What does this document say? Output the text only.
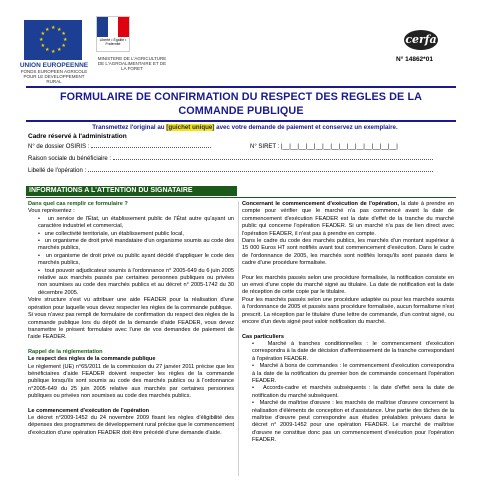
★ ★
★
★
★
★
★
★
★
★
★
★
UNION EUROPEENNE
FONDS EUROPEEN AGRICOLE POUR LE DEVELOPPEMENT RURAL
Liberté • Égalité • Fraternité
MINISTERE DE L'AGRICULTURE DE L'AGROALIMENTAIRE ET DE LA FORET
cerfa
N° 14862*01
FORMULAIRE DE CONFIRMATION DU RESPECT DES REGLES DE LA COMMANDE PUBLIQUE
Transmettez l'original au [guichet unique] avec votre demande de paiement et conservez un exemplaire.
Cadre réservé à l'administration
N° de dossier OSIRIS :	N° SIRET : |__|__|__|__|__|__|__|__|__|__|__|__|__|__|
Raison sociale du bénéficiaire :
Libellé de l'opération :
INFORMATIONS A L'ATTENTION DU SIGNATAIRE
Dans quel cas remplir ce formulaire ?
Vous représentez :
•   un service de l'État, un établissement public de l'État autre qu'ayant un caractère industriel et commercial,
•   une collectivité territoriale, un établissement public local,
•   un organisme de droit privé mandataire d'un organisme soumis au code des marchés publics,
•   un organisme de droit privé ou public ayant décidé d'appliquer le code des marchés publics,
•   tout pouvoir adjudicateur soumis à l'ordonnance n° 2005-649 du 6 juin 2005 relative aux marchés passés par certaines personnes publiques ou privées non soumises au code des marchés publics et au décret n° 2005-1742 du 30 décembre 2005.
Votre structure s'est vu attribuer une aide FEADER pour la réalisation d'une opération pour laquelle vous devez respecter les règles de la commande publique.
Si vous n'avez pas rempli de formulaire de confirmation du respect des règles de la commande publique lors du dépôt de la demande d'aide FEADER, vous devez transmettre le présent formulaire avec l'une de vos demandes de paiement de l'aide FEADER.
Rappel de la réglementation
Le respect des règles de la commande publique
Le règlement (UE) n°65/2011 de la commission du 27 janvier 2011 précise que les bénéficiaires d'aide FEADER doivent respecter les règles de la commande publique lorsqu'ils sont soumis au code des marchés publics ou à l'ordonnance n°2005-649 du 25 juin 2005 relative aux marchés par certaines personnes publiques ou privées non soumises au code des marchés publics.
Le commencement d'exécution de l'opération
Le décret n°2009-1452 du 24 novembre 2009 fixant les règles d'éligibilité des dépenses des programmes de développement rural précise que le commencement d'exécution d'une opération FEADER doit être précédé d'une demande d'aide.
Concernant le commencement d'exécution de l'opération, la date à prendre en compte pour vérifier que le marché n'a pas commencé avant la date de commencement d'exécution FEADER est la date d'effet de la tranche du marché public qui concerne l'opération FEADER. Si un marché n'a pas de lien direct avec l'opération FEADER, il n'est pas à prendre en compte.
Dans le cadre du code des marchés publics, les marchés d'un montant supérieur à 15 000 Euros HT sont notifiés avant tout commencement d'exécution. Dans le cadre de l'ordonnance de 2005, les marchés sont notifiés lorsqu'ils sont passés dans le cadre d'une procédure formalisée.
Pour les marchés passés selon une procédure formalisée, la notification consiste en un envoi d'une copie du marché signé au titulaire. La date de notification est la date de réception de cette copie par le titulaire.
Pour les marchés passés selon une procédure adaptée ou pour les marchés soumis à l'ordonnance de 2005 et passés sans procédure formalisée, aucun formalisme n'est prescrit. La réception par le titulaire d'une lettre de commande, d'un contrat signé, ou encore d'un devis signé peut valoir notification du marché.
Cas particuliers
•   Marché à tranches conditionnelles : le commencement d'exécution correspondra à la date de décision d'affermissement de la tranche correspondant à l'opération FEADER.
•   Marché à bons de commandes : le commencement d'exécution correspondra à la date de la notification du premier bon de commande concernant l'opération FEADER.
•   Accords-cadre et marchés subséquents : la date d'effet sera la date de notification du marché subséquent.
•   Marché de maîtrise d'œuvre : les marchés de maîtrise d'œuvre concernent la réalisation d'éléments de conception et d'assistance. Une partie des tâches de la maîtrise d'œuvre peut correspondre aux études préalables prévues dans le décret n° 2009-1452 pour une opération FEADER. Le marché de maîtrise d'œuvre ne constitue donc pas un commencement d'exécution pour l'opération FEADER.
